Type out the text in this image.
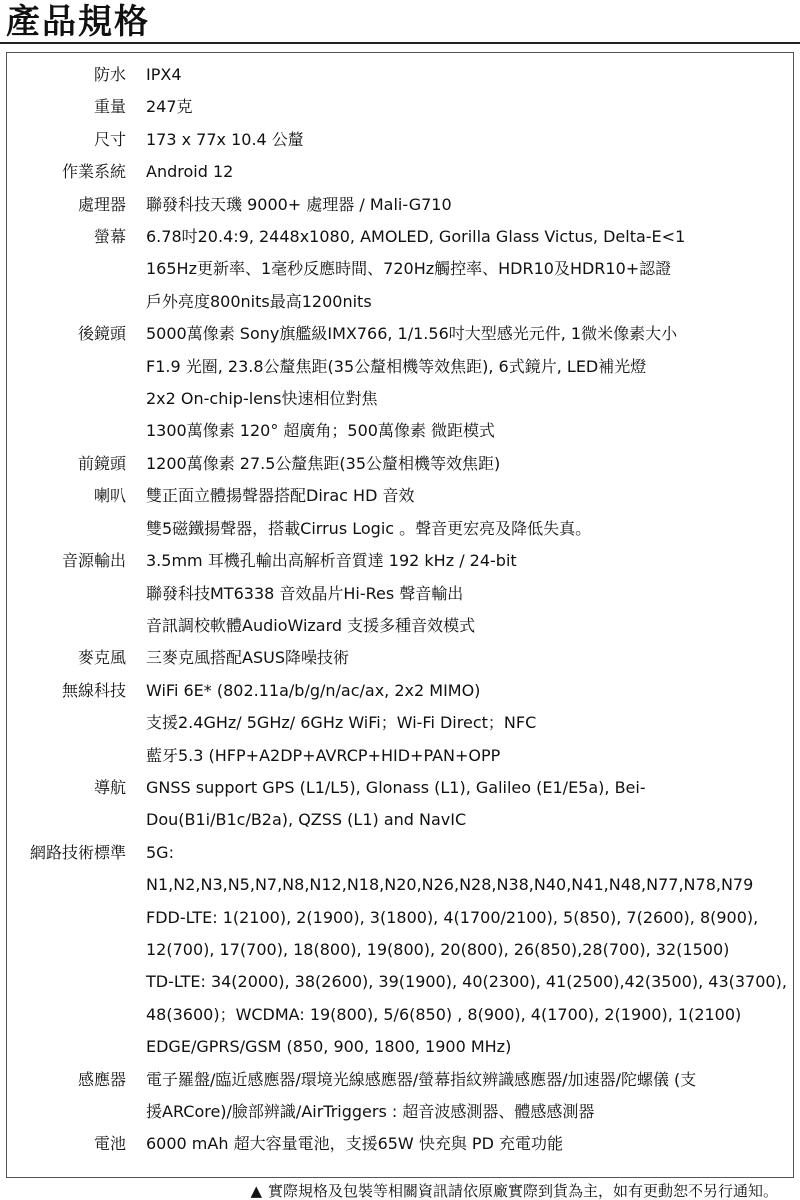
產品規格
防水 IPX4
重量 247克
尺寸 173 x 77x 10.4 公釐
作業系統 Android 12
處理器 聯發科技天璣 9000+ 處理器 / Mali-G710
螢幕 6.78吋20.4:9, 2448x1080, AMOLED, Gorilla Glass Victus, Delta-E<1
165Hz更新率、1毫秒反應時間、720Hz觸控率、HDR10及HDR10+認證
戶外亮度800nits最高1200nits
後鏡頭 5000萬像素 Sony旗艦級IMX766, 1/1.56吋大型感光元件, 1微米像素大小
F1.9 光圈, 23.8公釐焦距(35公釐相機等效焦距), 6式鏡片, LED補光燈
2x2 On-chip-lens快速相位對焦
1300萬像素 120° 超廣角；500萬像素 微距模式
前鏡頭 1200萬像素 27.5公釐焦距(35公釐相機等效焦距)
喇叭 雙正面立體揚聲器搭配Dirac HD 音效
雙5磁鐵揚聲器，搭載Cirrus Logic 。聲音更宏亮及降低失真。
音源輸出 3.5mm 耳機孔輸出高解析音質達 192 kHz / 24-bit
聯發科技MT6338 音效晶片Hi-Res 聲音輸出
音訊調校軟體AudioWizard 支援多種音效模式
麥克風 三麥克風搭配ASUS降噪技術
無線科技 WiFi 6E* (802.11a/b/g/n/ac/ax, 2x2 MIMO)
支援2.4GHz/ 5GHz/ 6GHz WiFi；Wi-Fi Direct；NFC
藍牙5.3 (HFP+A2DP+AVRCP+HID+PAN+OPP
導航 GNSS support GPS (L1/L5), Glonass (L1), Galileo (E1/E5a), Bei-
Dou(B1i/B1c/B2a), QZSS (L1) and NavIC
網路技術標準 5G:
N1,N2,N3,N5,N7,N8,N12,N18,N20,N26,N28,N38,N40,N41,N48,N77,N78,N79
FDD-LTE: 1(2100), 2(1900), 3(1800), 4(1700/2100), 5(850), 7(2600), 8(900),
12(700), 17(700), 18(800), 19(800), 20(800), 26(850),28(700), 32(1500)
TD-LTE: 34(2000), 38(2600), 39(1900), 40(2300), 41(2500),42(3500), 43(3700),
48(3600)；WCDMA: 19(800), 5/6(850) , 8(900), 4(1700), 2(1900), 1(2100)
EDGE/GPRS/GSM (850, 900, 1800, 1900 MHz)
感應器 電子羅盤/臨近感應器/環境光線感應器/螢幕指紋辨識感應器/加速器/陀螺儀 (支
援ARCore)/臉部辨識/AirTriggers : 超音波感測器、體感感測器
電池 6000 mAh 超大容量電池，支援65W 快充與 PD 充電功能
▲ 實際規格及包裝等相關資訊請依原廠實際到貨為主，如有更動恕不另行通知。
